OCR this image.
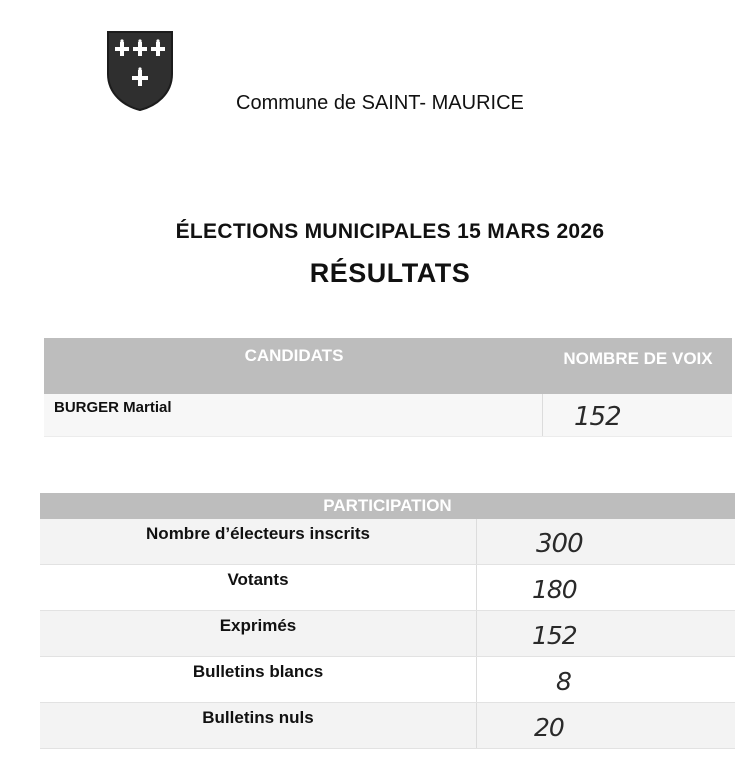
Commune de SAINT- MAURICE
ÉLECTIONS MUNICIPALES 15 MARS 2026
RÉSULTATS
CANDIDATS	NOMBRE DE VOIX
BURGER Martial	152
PARTICIPATION
Nombre d’électeurs inscrits	300
Votants	180
Exprimés	152
Bulletins blancs	8
Bulletins nuls	20
